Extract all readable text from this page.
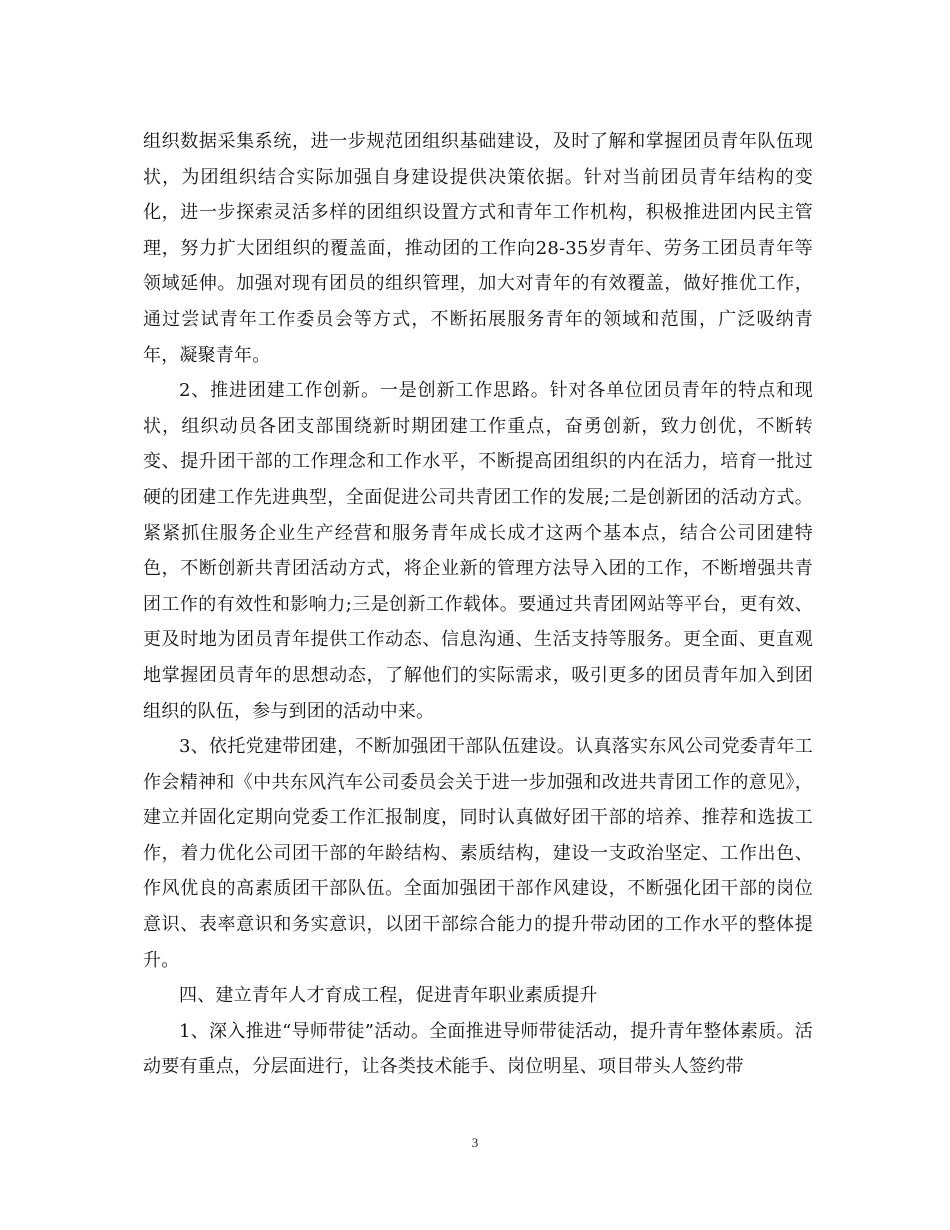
组织数据采集系统，进一步规范团组织基础建设，及时了解和掌握团员青年队伍现状，为团组织结合实际加强自身建设提供决策依据。针对当前团员青年结构的变化，进一步探索灵活多样的团组织设置方式和青年工作机构，积极推进团内民主管理，努力扩大团组织的覆盖面，推动团的工作向28-35岁青年、劳务工团员青年等领域延伸。加强对现有团员的组织管理，加大对青年的有效覆盖，做好推优工作，通过尝试青年工作委员会等方式，不断拓展服务青年的领域和范围，广泛吸纳青年，凝聚青年。

2、推进团建工作创新。一是创新工作思路。针对各单位团员青年的特点和现状，组织动员各团支部围绕新时期团建工作重点，奋勇创新，致力创优，不断转变、提升团干部的工作理念和工作水平，不断提高团组织的内在活力，培育一批过硬的团建工作先进典型，全面促进公司共青团工作的发展;二是创新团的活动方式。紧紧抓住服务企业生产经营和服务青年成长成才这两个基本点，结合公司团建特色，不断创新共青团活动方式，将企业新的管理方法导入团的工作，不断增强共青团工作的有效性和影响力;三是创新工作载体。要通过共青团网站等平台，更有效、更及时地为团员青年提供工作动态、信息沟通、生活支持等服务。更全面、更直观地掌握团员青年的思想动态，了解他们的实际需求，吸引更多的团员青年加入到团组织的队伍，参与到团的活动中来。

3、依托党建带团建，不断加强团干部队伍建设。认真落实东风公司党委青年工作会精神和《中共东风汽车公司委员会关于进一步加强和改进共青团工作的意见》，建立并固化定期向党委工作汇报制度，同时认真做好团干部的培养、推荐和选拔工作，着力优化公司团干部的年龄结构、素质结构，建设一支政治坚定、工作出色、作风优良的高素质团干部队伍。全面加强团干部作风建设，不断强化团干部的岗位意识、表率意识和务实意识，以团干部综合能力的提升带动团的工作水平的整体提升。

四、建立青年人才育成工程，促进青年职业素质提升

1、深入推进“导师带徒”活动。全面推进导师带徒活动，提升青年整体素质。活动要有重点，分层面进行，让各类技术能手、岗位明星、项目带头人签约带

3
